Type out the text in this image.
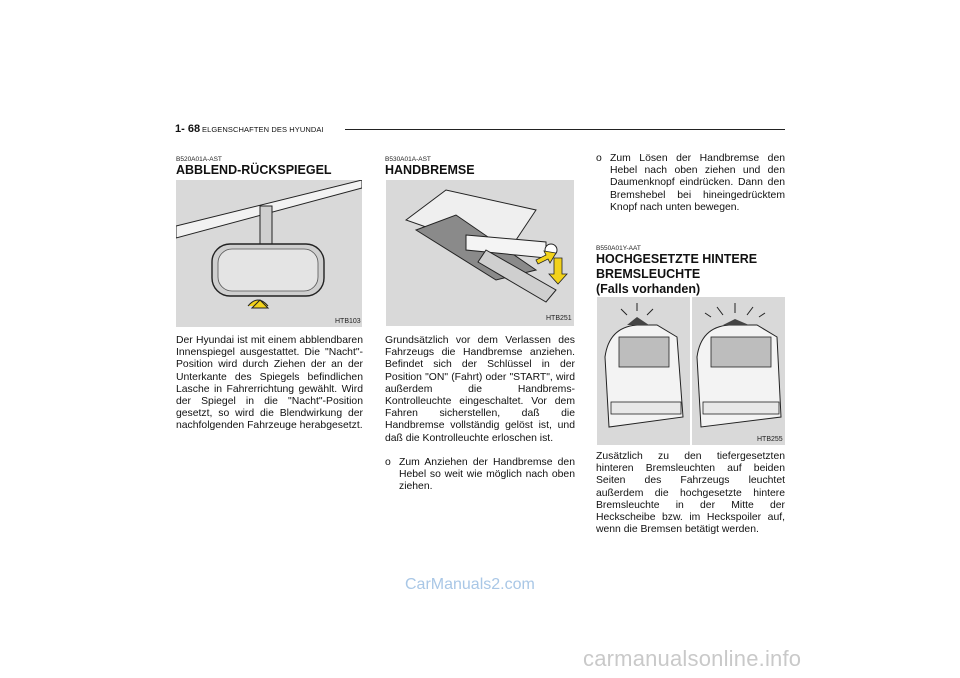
1- 68 ELGENSCHAFTEN DES HYUNDAI
B520A01A-AST
ABBLEND-RÜCKSPIEGEL
HTB103
Der Hyundai ist mit einem abblendbaren Innenspiegel ausgestattet. Die "Nacht"-Position wird durch Ziehen der an der Unterkante des Spiegels befindlichen Lasche in Fahrerrichtung gewählt. Wird der Spiegel in die "Nacht"-Position gesetzt, so wird die Blendwirkung der nachfolgenden Fahrzeuge herabgesetzt.
B530A01A-AST
HANDBREMSE
HTB251
Grundsätzlich vor dem Verlassen des Fahrzeugs die Handbremse anziehen. Befindet sich der Schlüssel in der Position "ON" (Fahrt) oder "START", wird außerdem die Handbrems-Kontrolleuchte eingeschaltet. Vor dem Fahren sicherstellen, daß die Handbremse vollständig gelöst ist, und daß die Kontrolleuchte erloschen ist.
o Zum Anziehen der Handbremse den Hebel so weit wie möglich nach oben ziehen.
o Zum Lösen der Handbremse den Hebel nach oben ziehen und den Daumenknopf eindrücken. Dann den Bremshebel bei hineingedrücktem Knopf nach unten bewegen.
B550A01Y-AAT
HOCHGESETZTE HINTERE
BREMSLEUCHTE
(Falls vorhanden)
HTB255
Zusätzlich zu den tiefergesetzten hinteren Bremsleuchten auf beiden Seiten des Fahrzeugs leuchtet außerdem die hochgesetzte hintere Bremsleuchte in der Mitte der Heckscheibe bzw. im Heckspoiler auf, wenn die Bremsen betätigt werden.
CarManuals2.com
carmanualsonline.info
